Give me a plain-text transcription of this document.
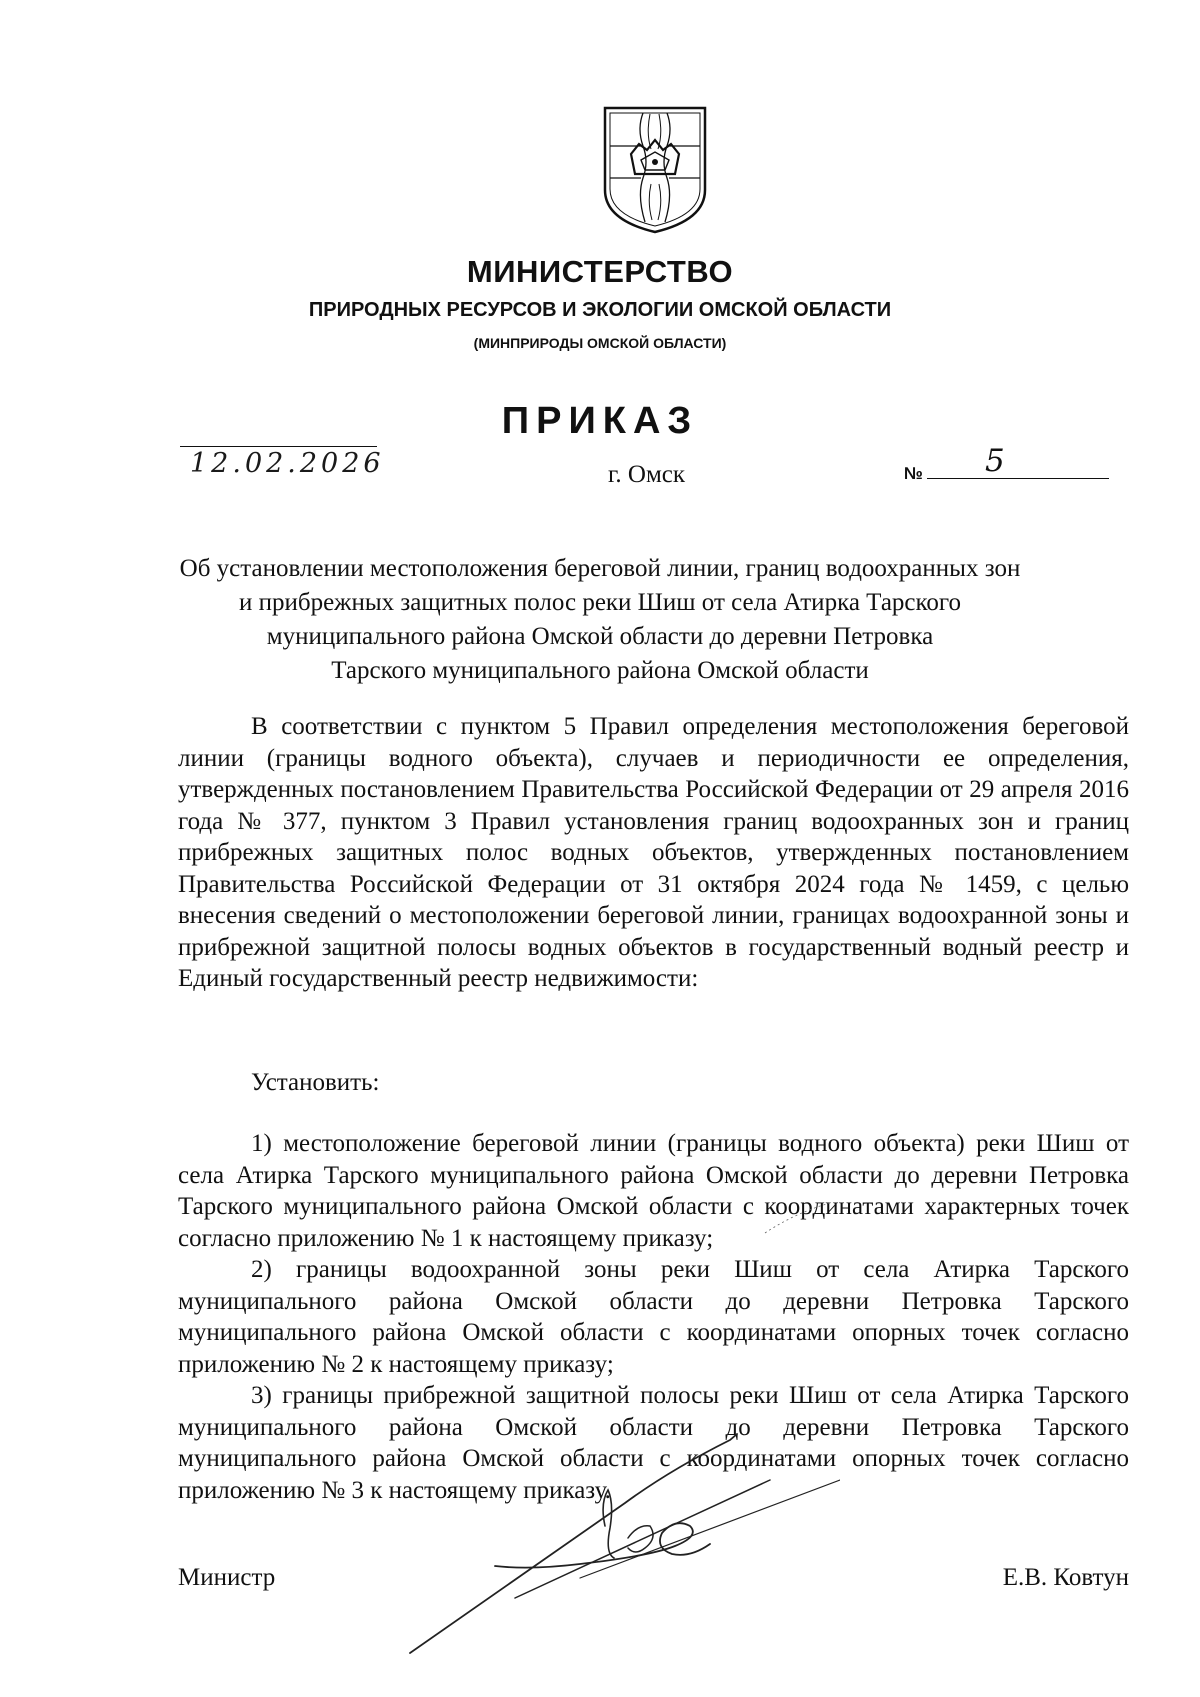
МИНИСТЕРСТВО
ПРИРОДНЫХ РЕСУРСОВ И ЭКОЛОГИИ ОМСКОЙ ОБЛАСТИ
(МИНПРИРОДЫ ОМСКОЙ ОБЛАСТИ)
ПРИКАЗ
12.02.2026	г. Омск	№ 5
Об установлении местоположения береговой линии, границ водоохранных зон
и прибрежных защитных полос реки Шиш от села Атирка Тарского
муниципального района Омской области до деревни Петровка
Тарского муниципального района Омской области

В соответствии с пунктом 5 Правил определения местоположения береговой линии (границы водного объекта), случаев и периодичности ее определения, утвержденных постановлением Правительства Российской Федерации от 29 апреля 2016 года № 377, пунктом 3 Правил установления границ водоохранных зон и границ прибрежных защитных полос водных объектов, утвержденных постановлением Правительства Российской Федерации от 31 октября 2024 года № 1459, с целью внесения сведений о местоположении береговой линии, границах водоохранной зоны и прибрежной защитной полосы водных объектов в государственный водный реестр и Единый государственный реестр недвижимости:

Установить:

1) местоположение береговой линии (границы водного объекта) реки Шиш от села Атирка Тарского муниципального района Омской области до деревни Петровка Тарского муниципального района Омской области с координатами характерных точек согласно приложению № 1 к настоящему приказу;

2) границы водоохранной зоны реки Шиш от села Атирка Тарского муниципального района Омской области до деревни Петровка Тарского муниципального района Омской области с координатами опорных точек согласно приложению № 2 к настоящему приказу;

3) границы прибрежной защитной полосы реки Шиш от села Атирка Тарского муниципального района Омской области до деревни Петровка Тарского муниципального района Омской области с координатами опорных точек согласно приложению № 3 к настоящему приказу.

Министр	Е.В. Ковтун
